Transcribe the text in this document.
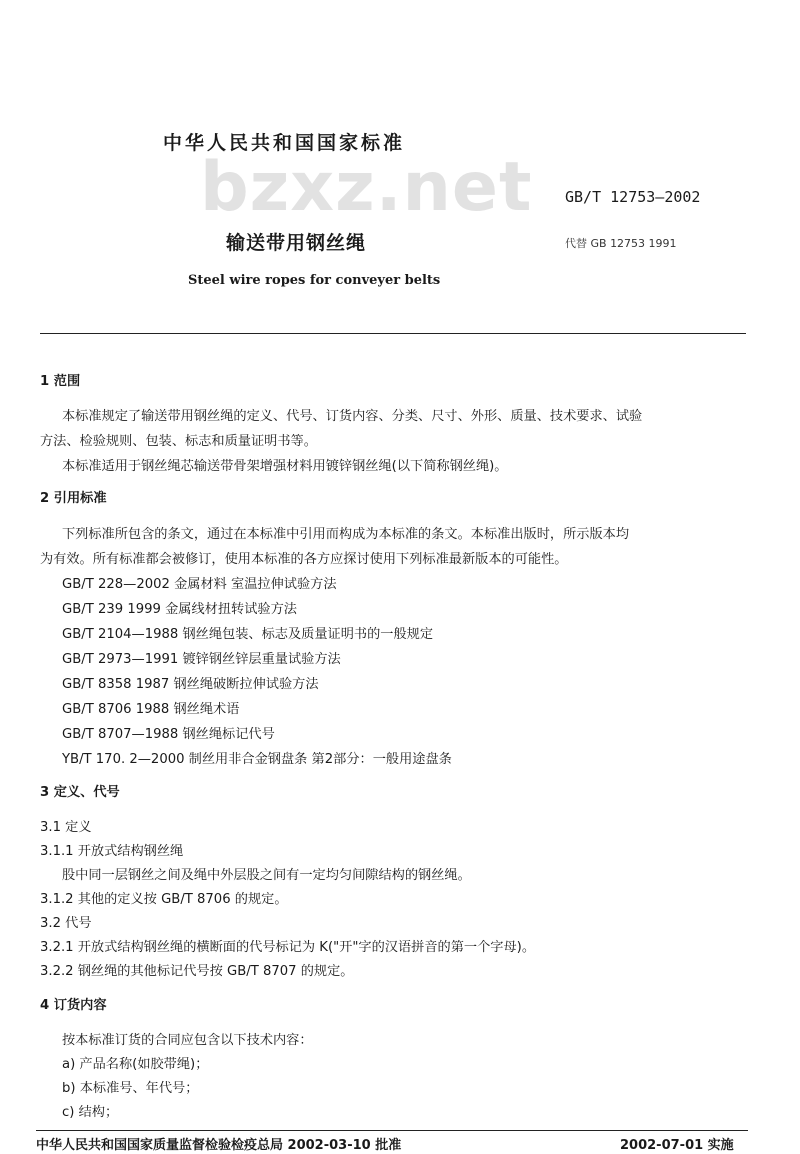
中华人民共和国国家标准
bzxz.net GB/T 12753—2002
输送带用钢丝绳	代替 GB 12753 1991
Steel wire ropes for conveyer belts
1 范围
本标准规定了输送带用钢丝绳的定义、代号、订货内容、分类、尺寸、外形、质量、技术要求、试验
方法、检验规则、包装、标志和质量证明书等。
本标准适用于钢丝绳芯输送带骨架增强材料用镀锌钢丝绳(以下简称钢丝绳)。
2 引用标准
下列标准所包含的条文，通过在本标准中引用而构成为本标准的条文。本标准出版时，所示版本均
为有效。所有标准都会被修订，使用本标准的各方应探讨使用下列标准最新版本的可能性。
GB/T 228—2002 金属材料 室温拉伸试验方法
GB/T 239 1999 金属线材扭转试验方法
GB/T 2104—1988 钢丝绳包装、标志及质量证明书的一般规定
GB/T 2973—1991 镀锌钢丝锌层重量试验方法
GB/T 8358 1987 钢丝绳破断拉伸试验方法
GB/T 8706 1988 钢丝绳术语
GB/T 8707—1988 钢丝绳标记代号
YB/T 170. 2—2000 制丝用非合金钢盘条 第2部分：一般用途盘条
3 定义、代号
3.1 定义
3.1.1 开放式结构钢丝绳
股中同一层钢丝之间及绳中外层股之间有一定均匀间隙结构的钢丝绳。
3.1.2 其他的定义按 GB/T 8706 的规定。
3.2 代号
3.2.1 开放式结构钢丝绳的横断面的代号标记为 K("开"字的汉语拼音的第一个字母)。
3.2.2 钢丝绳的其他标记代号按 GB/T 8707 的规定。
4 订货内容
按本标准订货的合同应包含以下技术内容：
a) 产品名称(如胶带绳)；
b) 本标准号、年代号；
c) 结构；
中华人民共和国国家质量监督检验检疫总局 2002-03-10 批准	2002-07-01 实施
